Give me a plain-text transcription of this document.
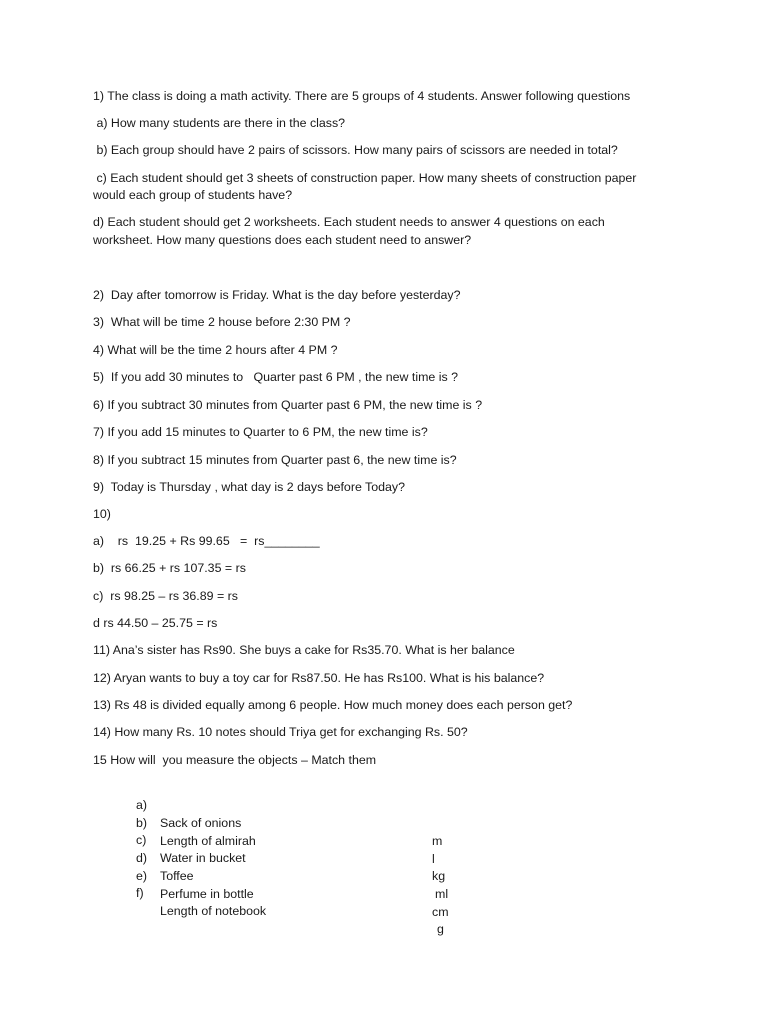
1) The class is doing a math activity. There are 5 groups of 4 students. Answer following questions
a) How many students are there in the class?
b) Each group should have 2 pairs of scissors. How many pairs of scissors are needed in total?
c) Each student should get 3 sheets of construction paper. How many sheets of construction paper
would each group of students have?
d) Each student should get 2 worksheets. Each student needs to answer 4 questions on each
worksheet. How many questions does each student need to answer?
2)  Day after tomorrow is Friday. What is the day before yesterday?
3)  What will be time 2 house before 2:30 PM ?
4) What will be the time 2 hours after 4 PM ?
5)  If you add 30 minutes to   Quarter past 6 PM , the new time is ?
6) If you subtract 30 minutes from Quarter past 6 PM, the new time is ?
7) If you add 15 minutes to Quarter to 6 PM, the new time is?
8) If you subtract 15 minutes from Quarter past 6, the new time is?
9)  Today is Thursday , what day is 2 days before Today?
10)
a)    rs  19.25 + Rs 99.65   =  rs________
b)  rs 66.25 + rs 107.35 = rs
c)  rs 98.25 – rs 36.89 = rs
d rs 44.50 – 25.75 = rs
11) Ana’s sister has Rs90. She buys a cake for Rs35.70. What is her balance
12) Aryan wants to buy a toy car for Rs87.50. He has Rs100. What is his balance?
13) Rs 48 is divided equally among 6 people. How much money does each person get?
14) How many Rs. 10 notes should Triya get for exchanging Rs. 50?
15 How will  you measure the objects – Match them

a)

Sack of onions

m

b)

Length of almirah

l

c)

Water in bucket

kg

d)

Toffee

ml

e)

Perfume in bottle

cm

f)

Length of notebook

g
